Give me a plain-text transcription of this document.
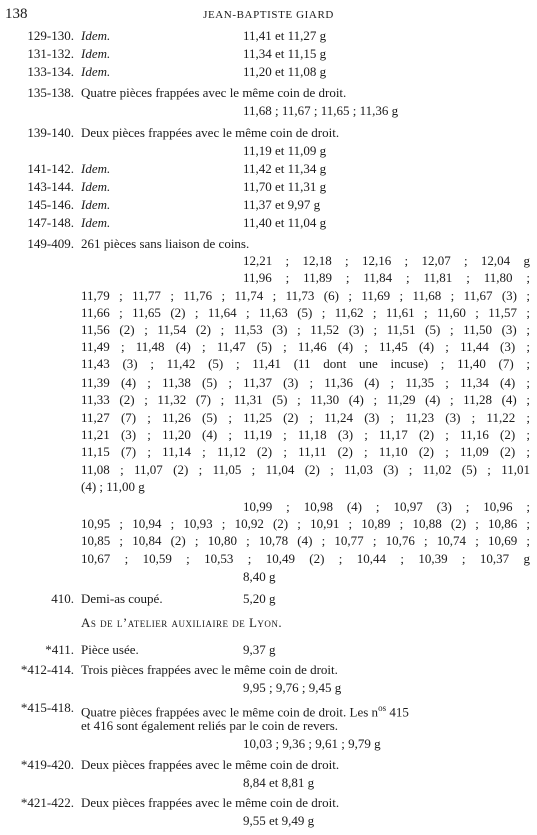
138	JEAN-BAPTISTE GIARD
129-130. Idem.	11,41 et 11,27 g
131-132. Idem.	11,34 et 11,15 g
133-134. Idem.	11,20 et 11,08 g
135-138. Quatre pièces frappées avec le même coin de droit.
11,68 ; 11,67 ; 11,65 ; 11,36 g
139-140. Deux pièces frappées avec le même coin de droit.
11,19 et 11,09 g
141-142. Idem.	11,42 et 11,34 g
143-144. Idem.	11,70 et 11,31 g
145-146. Idem.	11,37 et 9,97 g
147-148. Idem.	11,40 et 11,04 g
149-409. 261 pièces sans liaison de coins.
12,21 ; 12,18 ; 12,16 ; 12,07 ; 12,04 g
11,96 ; 11,89 ; 11,84 ; 11,81 ; 11,80 ;
11,79 ; 11,77 ; 11,76 ; 11,74 ; 11,73 (6) ; 11,69 ; 11,68 ; 11,67 (3) ;
11,66 ; 11,65 (2) ; 11,64 ; 11,63 (5) ; 11,62 ; 11,61 ; 11,60 ; 11,57 ;
11,56 (2) ; 11,54 (2) ; 11,53 (3) ; 11,52 (3) ; 11,51 (5) ; 11,50 (3) ;
11,49 ; 11,48 (4) ; 11,47 (5) ; 11,46 (4) ; 11,45 (4) ; 11,44 (3) ;
11,43 (3) ; 11,42 (5) ; 11,41 (11 dont une incuse) ; 11,40 (7) ;
11,39 (4) ; 11,38 (5) ; 11,37 (3) ; 11,36 (4) ; 11,35 ; 11,34 (4) ;
11,33 (2) ; 11,32 (7) ; 11,31 (5) ; 11,30 (4) ; 11,29 (4) ; 11,28 (4) ;
11,27 (7) ; 11,26 (5) ; 11,25 (2) ; 11,24 (3) ; 11,23 (3) ; 11,22 ;
11,21 (3) ; 11,20 (4) ; 11,19 ; 11,18 (3) ; 11,17 (2) ; 11,16 (2) ;
11,15 (7) ; 11,14 ; 11,12 (2) ; 11,11 (2) ; 11,10 (2) ; 11,09 (2) ;
11,08 ; 11,07 (2) ; 11,05 ; 11,04 (2) ; 11,03 (3) ; 11,02 (5) ; 11,01
(4) ; 11,00 g
10,99 ; 10,98 (4) ; 10,97 (3) ; 10,96 ;
10,95 ; 10,94 ; 10,93 ; 10,92 (2) ; 10,91 ; 10,89 ; 10,88 (2) ; 10,86 ;
10,85 ; 10,84 (2) ; 10,80 ; 10,78 (4) ; 10,77 ; 10,76 ; 10,74 ; 10,69 ;
10,67 ; 10,59 ; 10,53 ; 10,49 (2) ; 10,44 ; 10,39 ; 10,37 g
8,40 g
410. Demi-as coupé.	5,20 g
As de l’atelier auxiliaire de Lyon.
*411. Pièce usée.	9,37 g
*412-414. Trois pièces frappées avec le même coin de droit.
9,95 ; 9,76 ; 9,45 g
*415-418. Quatre pièces frappées avec le même coin de droit. Les $n^{os}$ 415
et 416 sont également reliés par le coin de revers.
10,03 ; 9,36 ; 9,61 ; 9,79 g
*419-420. Deux pièces frappées avec le même coin de droit.
8,84 et 8,81 g
*421-422. Deux pièces frappées avec le même coin de droit.
9,55 et 9,49 g
